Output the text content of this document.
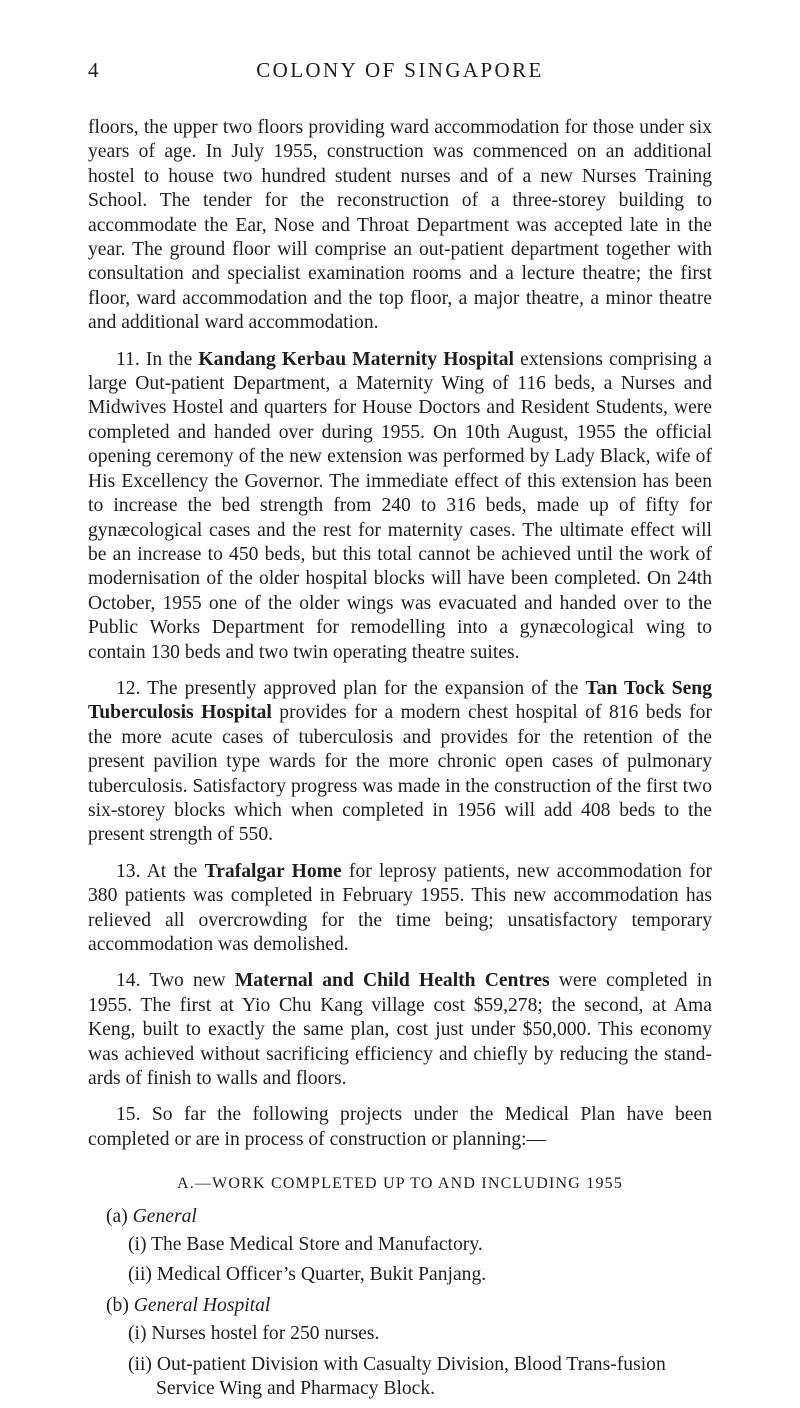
4	COLONY OF SINGAPORE

floors, the upper two floors providing ward accommodation for those under six years of age. In July 1955, construction was commenced on an additional hostel to house two hundred student nurses and of a new Nurses Training School. The tender for the reconstruction of a three-storey building to accommodate the Ear, Nose and Throat Department was accepted late in the year. The ground floor will comprise an out-patient department together with consultation and specialist examination rooms and a lecture theatre; the first floor, ward accommodation and the top floor, a major theatre, a minor theatre and additional ward accommodation.

11. In the Kandang Kerbau Maternity Hospital extensions comprising a large Out-patient Department, a Maternity Wing of 116 beds, a Nurses and Midwives Hostel and quarters for House Doctors and Resident Students, were completed and handed over during 1955. On 10th August, 1955 the official opening ceremony of the new extension was performed by Lady Black, wife of His Excellency the Governor. The immediate effect of this extension has been to increase the bed strength from 240 to 316 beds, made up of fifty for gynæcological cases and the rest for maternity cases. The ultimate effect will be an increase to 450 beds, but this total cannot be achieved until the work of modernisation of the older hospital blocks will have been completed. On 24th October, 1955 one of the older wings was evacuated and handed over to the Public Works Department for remodelling into a gynæcological wing to contain 130 beds and two twin operating theatre suites.

12. The presently approved plan for the expansion of the Tan Tock Seng Tuberculosis Hospital provides for a modern chest hospital of 816 beds for the more acute cases of tuberculosis and provides for the retention of the present pavilion type wards for the more chronic open cases of pulmonary tuberculosis. Satisfactory progress was made in the construction of the first two six-storey blocks which when completed in 1956 will add 408 beds to the present strength of 550.

13. At the Trafalgar Home for leprosy patients, new accommodation for 380 patients was completed in February 1955. This new accommodation has relieved all overcrowding for the time being; unsatisfactory temporary accommodation was demolished.

14. Two new Maternal and Child Health Centres were completed in 1955. The first at Yio Chu Kang village cost $59,278; the second, at Ama Keng, built to exactly the same plan, cost just under $50,000. This economy was achieved without sacrificing efficiency and chiefly by reducing the stand-ards of finish to walls and floors.

15. So far the following projects under the Medical Plan have been completed or are in process of construction or planning:—

A.—WORK COMPLETED UP TO AND INCLUDING 1955
(a) General
(i) The Base Medical Store and Manufactory.
(ii) Medical Officer’s Quarter, Bukit Panjang.
(b) General Hospital
(i) Nurses hostel for 250 nurses.
(ii) Out-patient Division with Casualty Division, Blood Trans-fusion Service Wing and Pharmacy Block.
